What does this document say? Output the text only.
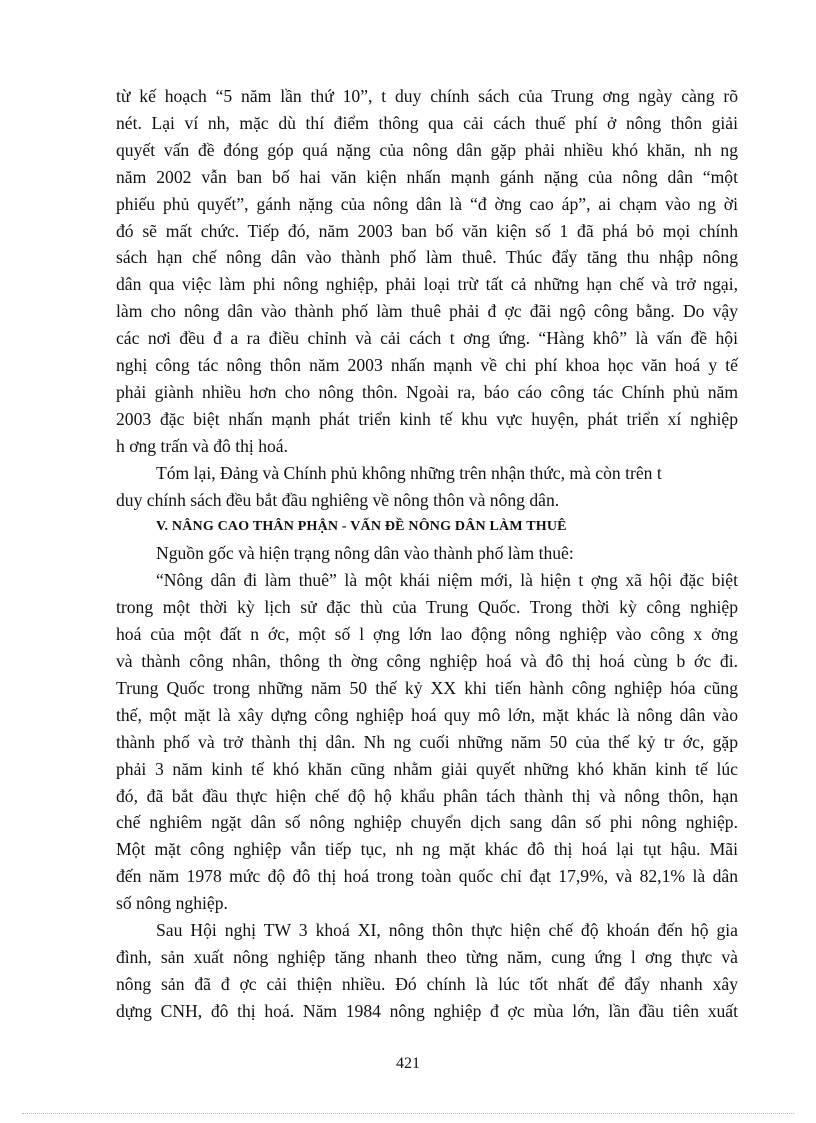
từ kế hoạch “5 năm lần thứ 10”, t duy chính sách của Trung ơng ngày càng rõ
nét. Lại ví nh, mặc dù thí điểm thông qua cải cách thuế phí ở nông thôn giải
quyết vấn đề đóng góp quá nặng của nông dân gặp phải nhiều khó khăn, nh ng
năm 2002 vẫn ban bố hai văn kiện nhấn mạnh gánh nặng của nông dân “một
phiếu phủ quyết”, gánh nặng của nông dân là “đ ờng cao áp”, ai chạm vào ng ời
đó sẽ mất chức. Tiếp đó, năm 2003 ban bố văn kiện số 1 đã phá bỏ mọi chính
sách hạn chế nông dân vào thành phố làm thuê. Thúc đẩy tăng thu nhập nông
dân qua việc làm phi nông nghiệp, phải loại trừ tất cả những hạn chế và trở ngại,
làm cho nông dân vào thành phố làm thuê phải đ ợc đãi ngộ công bằng. Do vậy
các nơi đều đ a ra điều chỉnh và cải cách t ơng ứng. “Hàng khô” là vấn đề hội
nghị công tác nông thôn năm 2003 nhấn mạnh về chi phí khoa học văn hoá y tế
phải giành nhiều hơn cho nông thôn. Ngoài ra, báo cáo công tác Chính phủ năm
2003 đặc biệt nhấn mạnh phát triển kinh tế khu vực huyện, phát triển xí nghiệp
h ơng trấn và đô thị hoá.

Tóm lại, Đảng và Chính phủ không những trên nhận thức, mà còn trên t
duy chính sách đều bắt đầu nghiêng về nông thôn và nông dân.

V. NÂNG CAO THÂN PHẬN - VẤN ĐỀ NÔNG DÂN LÀM THUÊ

Nguồn gốc và hiện trạng nông dân vào thành phố làm thuê:

“Nông dân đi làm thuê” là một khái niệm mới, là hiện t ợng xã hội đặc biệt
trong một thời kỳ lịch sử đặc thù của Trung Quốc. Trong thời kỳ công nghiệp
hoá của một đất n ớc, một số l ợng lớn lao động nông nghiệp vào công x ởng
và thành công nhân, thông th ờng công nghiệp hoá và đô thị hoá cùng b ớc đi.
Trung Quốc trong những năm 50 thế kỷ XX khi tiến hành công nghiệp hóa cũng
thế, một mặt là xây dựng công nghiệp hoá quy mô lớn, mặt khác là nông dân vào
thành phố và trở thành thị dân. Nh ng cuối những năm 50 của thế kỷ tr ớc, gặp
phải 3 năm kinh tế khó khăn cũng nhằm giải quyết những khó khăn kinh tế lúc
đó, đã bắt đầu thực hiện chế độ hộ khẩu phân tách thành thị và nông thôn, hạn
chế nghiêm ngặt dân số nông nghiệp chuyển dịch sang dân số phi nông nghiệp.
Một mặt công nghiệp vẫn tiếp tục, nh ng mặt khác đô thị hoá lại tụt hậu. Mãi
đến năm 1978 mức độ đô thị hoá trong toàn quốc chỉ đạt 17,9%, và 82,1% là dân
số nông nghiệp.

Sau Hội nghị TW 3 khoá XI, nông thôn thực hiện chế độ khoán đến hộ gia
đình, sản xuất nông nghiệp tăng nhanh theo từng năm, cung ứng l ơng thực và
nông sản đã đ ợc cải thiện nhiều. Đó chính là lúc tốt nhất để đẩy nhanh xây
dựng CNH, đô thị hoá. Năm 1984 nông nghiệp đ ợc mùa lớn, lần đầu tiên xuất

421
